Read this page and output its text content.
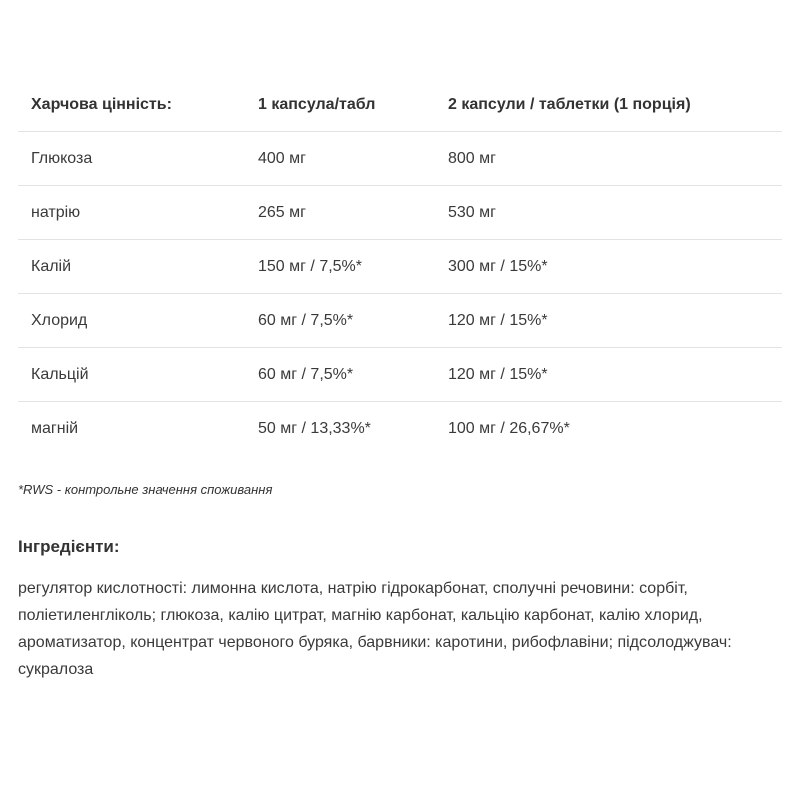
Харчова цінність:	1 капсула/табл	2 капсули / таблетки (1 порція)
Глюкоза	400 мг	800 мг
натрію	265 мг	530 мг
Калій	150 мг / 7,5%*	300 мг / 15%*
Хлорид	60 мг / 7,5%*	120 мг / 15%*
Кальцій	60 мг / 7,5%*	120 мг / 15%*
магній	50 мг / 13,33%*	100 мг / 26,67%*
*RWS - контрольне значення споживання
Інгредієнти:
регулятор кислотності: лимонна кислота, натрію гідрокарбонат, сполучні речовини: сорбіт, поліетиленгліколь; глюкоза, калію цитрат, магнію карбонат, кальцію карбонат, калію хлорид, ароматизатор, концентрат червоного буряка, барвники: каротини, рибофлавіни; підсолоджувач: сукралоза
